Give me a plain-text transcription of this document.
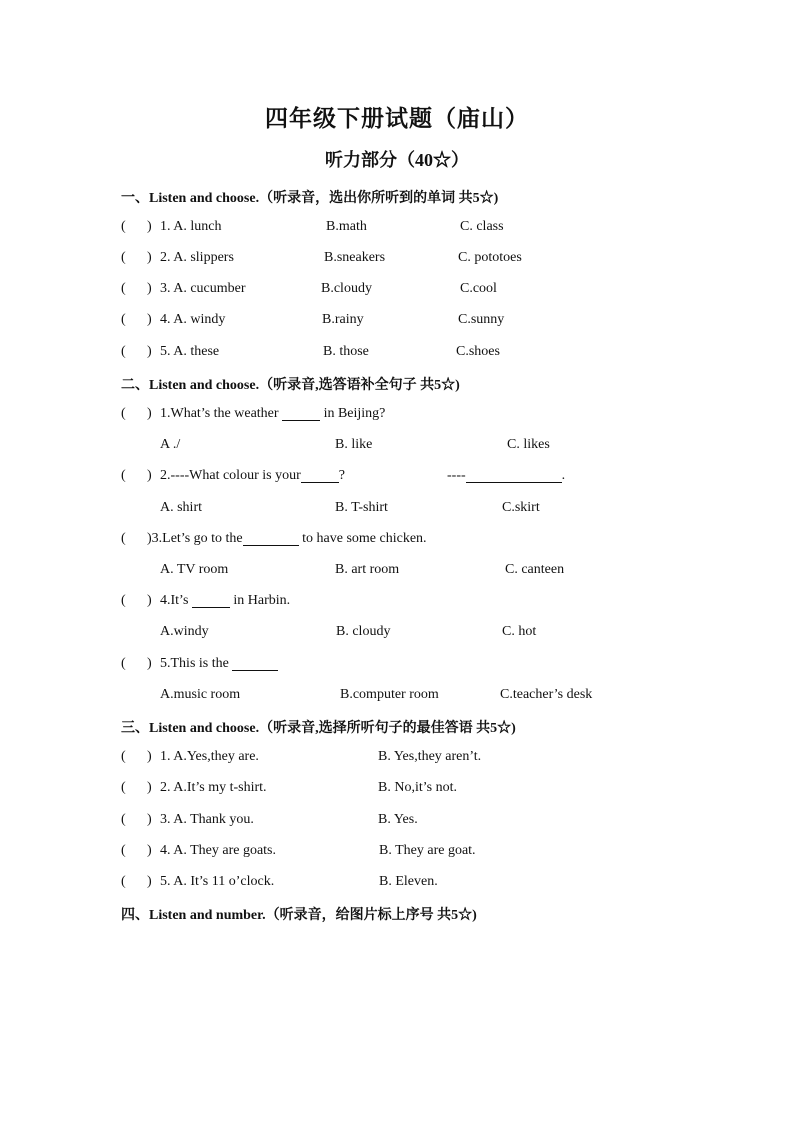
四年级下册试题（庙山）
听力部分（40☆）
一、Listen and choose.（听录音，选出你所听到的单词 共5☆)
( ) 1. A. lunch	B.math	C. class
( ) 2. A. slippers	B.sneakers	C. pototoes
( ) 3. A. cucumber	B.cloudy	C.cool
( ) 4. A. windy	B.rainy	C.sunny
( ) 5. A. these	B. those	C.shoes
二、Listen and choose.（听录音,选答语补全句子 共5☆)
( ) 1.What’s the weather	in Beijing?
A ./	B. like	C. likes
( ) 2.----What colour is your	?	----	.
A. shirt	B. T-shirt	C.skirt
( )3.Let’s go to the	to have some chicken.
A. TV room	B. art room	C. canteen
( ) 4.It’s	in Harbin.
A.windy	B. cloudy	C. hot
( ) 5.This is the
A.music room	B.computer room	C.teacher’s desk
三、Listen and choose.（听录音,选择所听句子的最佳答语 共5☆)
( ) 1. A.Yes,they are.	B. Yes,they aren’t.
( ) 2. A.It’s my t-shirt.	B. No,it’s not.
( ) 3. A. Thank you.	B. Yes.
( ) 4. A. They are goats.	B. They are goat.
( ) 5. A. It’s 11 o’clock.	B. Eleven.
四、Listen and number.（听录音，给图片标上序号 共5☆)
